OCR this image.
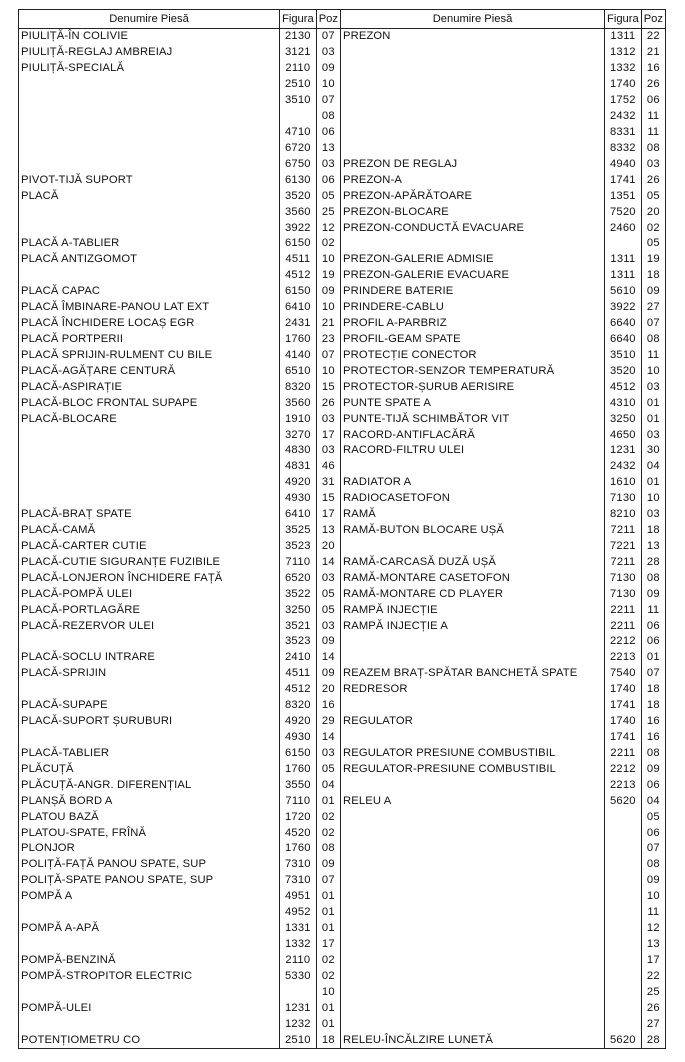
Denumire Piesă	Figura	Poz	Denumire Piesă	Figura	Poz
PIULIȚĂ-ÎN COLIVIE	2130	07	PREZON	1311	22
PIULIȚĂ-REGLAJ AMBREIAJ	3121	03		1312	21
PIULIȚĂ-SPECIALĂ	2110	09		1332	16
	2510	10		1740	26
	3510	07		1752	06
		08		2432	11
	4710	06		8331	11
	6720	13		8332	08
	6750	03	PREZON DE REGLAJ	4940	03
PIVOT-TIJĂ SUPORT	6130	06	PREZON-A	1741	26
PLACĂ	3520	05	PREZON-APĂRĂTOARE	1351	05
	3560	25	PREZON-BLOCARE	7520	20
	3922	12	PREZON-CONDUCTĂ EVACUARE	2460	02
PLACĂ A-TABLIER	6150	02			05
PLACĂ ANTIZGOMOT	4511	10	PREZON-GALERIE ADMISIE	1311	19
	4512	19	PREZON-GALERIE EVACUARE	1311	18
PLACĂ CAPAC	6150	09	PRINDERE BATERIE	5610	09
PLACĂ ÎMBINARE-PANOU LAT EXT	6410	10	PRINDERE-CABLU	3922	27
PLACĂ ÎNCHIDERE LOCAȘ EGR	2431	21	PROFIL A-PARBRIZ	6640	07
PLACĂ PORTPERII	1760	23	PROFIL-GEAM SPATE	6640	08
PLACĂ SPRIJIN-RULMENT CU BILE	4140	07	PROTECȚIE CONECTOR	3510	11
PLACĂ-AGĂȚARE CENTURĂ	6510	10	PROTECTOR-SENZOR TEMPERATURĂ	3520	10
PLACĂ-ASPIRAȚIE	8320	15	PROTECTOR-ȘURUB AERISIRE	4512	03
PLACĂ-BLOC FRONTAL SUPAPE	3560	26	PUNTE SPATE A	4310	01
PLACĂ-BLOCARE	1910	03	PUNTE-TIJĂ SCHIMBĂTOR VIT	3250	01
	3270	17	RACORD-ANTIFLACĂRĂ	4650	03
	4830	03	RACORD-FILTRU ULEI	1231	30
	4831	46		2432	04
	4920	31	RADIATOR A	1610	01
	4930	15	RADIOCASETOFON	7130	10
PLACĂ-BRAȚ SPATE	6410	17	RAMĂ	8210	03
PLACĂ-CAMĂ	3525	13	RAMĂ-BUTON BLOCARE UȘĂ	7211	18
PLACĂ-CARTER CUTIE	3523	20		7221	13
PLACĂ-CUTIE SIGURANȚE FUZIBILE	7110	14	RAMĂ-CARCASĂ DUZĂ UȘĂ	7211	28
PLACĂ-LONJERON ÎNCHIDERE FAȚĂ	6520	03	RAMĂ-MONTARE CASETOFON	7130	08
PLACĂ-POMPĂ ULEI	3522	05	RAMĂ-MONTARE CD PLAYER	7130	09
PLACĂ-PORTLAGĂRE	3250	05	RAMPĂ INJECȚIE	2211	11
PLACĂ-REZERVOR ULEI	3521	03	RAMPĂ INJECȚIE A	2211	06
	3523	09		2212	06
PLACĂ-SOCLU INTRARE	2410	14		2213	01
PLACĂ-SPRIJIN	4511	09	REAZEM BRAȚ-SPĂTAR BANCHETĂ SPATE	7540	07
	4512	20	REDRESOR	1740	18
PLACĂ-SUPAPE	8320	16		1741	18
PLACĂ-SUPORT ȘURUBURI	4920	29	REGULATOR	1740	16
	4930	14		1741	16
PLACĂ-TABLIER	6150	03	REGULATOR PRESIUNE COMBUSTIBIL	2211	08
PLĂCUȚĂ	1760	05	REGULATOR-PRESIUNE COMBUSTIBIL	2212	09
PLĂCUȚĂ-ANGR. DIFERENȚIAL	3550	04		2213	06
PLANȘĂ BORD A	7110	01	RELEU A	5620	04
PLATOU BAZĂ	1720	02			05
PLATOU-SPATE, FRÎNĂ	4520	02			06
PLONJOR	1760	08			07
POLIȚĂ-FAȚĂ PANOU SPATE, SUP	7310	09			08
POLIȚĂ-SPATE PANOU SPATE, SUP	7310	07			09
POMPĂ A	4951	01			10
	4952	01			11
POMPĂ A-APĂ	1331	01			12
	1332	17			13
POMPĂ-BENZINĂ	2110	02			17
POMPĂ-STROPITOR ELECTRIC	5330	02			22
		10			25
POMPĂ-ULEI	1231	01			26
	1232	01			27
POTENȚIOMETRU CO	2510	18	RELEU-ÎNCĂLZIRE LUNETĂ	5620	28
